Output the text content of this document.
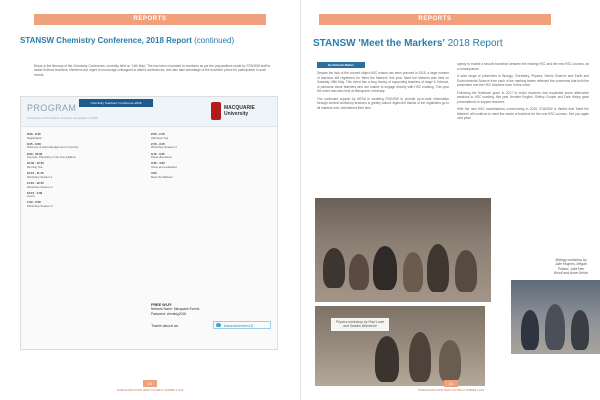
REPORTS
STANSW Chemistry Conference, 2018 Report (continued)
Below is the itinerary of the Chemistry Conference, currently held on '14th May'. The has been circulated to members as per the preparations made by STANSW staff to assist Science teachers. Members are urged to encourage colleagues to attend conferences, and also take advantage of the excellent prices for participation in such events.
PROGRAM
Conference of the Science Teachers' Association of NSW
Chemistry Teachers' Conference 2018
MACQUARIE University
8:00 - 8:45
Registration
8:45 - 9:00
Welcome & Acknowledgement of Country
9:00 - 10:00
Keynote: Chemistry in the new syllabus
10:00 - 10:15
Morning Tea
10:15 - 11:15
Workshop Session 1
11:15 - 12:15
Workshop Session 2
12:15 - 1:00
Lunch
1:00 - 2:00
Workshop Session 3
2:00 - 2:15
Afternoon Tea
2:15 - 3:15
Workshop Session 4
3:15 - 3:45
Panel discussion
3:45 - 4:00
Close and evaluation
4:00
Meet the Markers
FREE WI-FI
Network Name: Macquarie Events
Password: chembig2018
Tweet about us	#stanswchem18
10
SCIENCE EDUCATION NEWS VOLUME 67 NUMBER 3 2018
REPORTS
STANSW 'Meet the Markers' 2018 Report

Despite the lack of the concert object HSC exams has been planned in 2018, a large number of teachers still registered for 'Meet the Markers' this year. Meet the Markers was held on Saturday 26th May. This event has a long history of supporting teachers of stage 6 Science, in particular those teachers who are unable to engage directly with HSC marking. This year the event was also held at Macquarie University.

The continued support by NESA in enabling STANSW to provide up-to-date information through several workshop sessions is greatly valued. Again the thanks of the organisers go to all markers who volunteered their time.

By Deborah Mather	openly to enable a smooth transition between the existing HSC and the new HSC courses, as a consequence.

A wide range of presenters in Biology, Chemistry, Physics, Senior Science and Earth and Environmental Science from each of the marking teams reflected the comments that both the presenters and the HSC teachers have in this event.

Following the feedback given in 2017 in which teachers had requested some alternative sessions to HSC marking, this year Jennifer English, Shirley Cooper and Dale Hislop gave presentations to support teachers.

With the new HSC examinations commencing in 2019, STANSW is thrilled that 'Meet the Markers' will continue to meet the needs of teachers for the new HSC courses. See you again next year!

Biology workshop by Julie Hughes, Megan Pollard, Julia Hen Woolf and Anne Gelich
Physics workshop by Paul Lowe and Sandra Warnecke
11
SCIENCE EDUCATION NEWS VOLUME 67 NUMBER 3 2018
